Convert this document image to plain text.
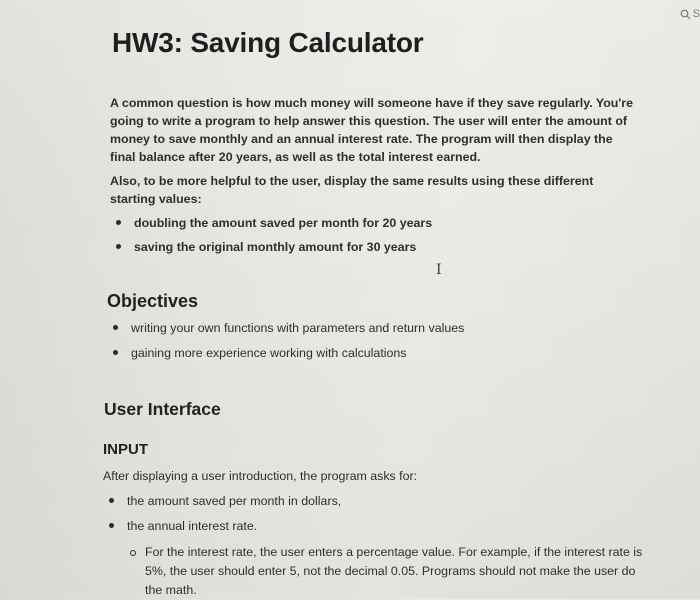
S
HW3: Saving Calculator

A common question is how much money will someone have if they save regularly. You're going to write a program to help answer this question. The user will enter the amount of money to save monthly and an annual interest rate. The program will then display the final balance after 20 years, as well as the total interest earned.

Also, to be more helpful to the user, display the same results using these different starting values:

doubling the amount saved per month for 20 years
saving the original monthly amount for 30 years
I
Objectives
writing your own functions with parameters and return values
gaining more experience working with calculations
User Interface
INPUT

After displaying a user introduction, the program asks for:

the amount saved per month in dollars,
the annual interest rate.
For the interest rate, the user enters a percentage value. For example, if the interest rate is 5%, the user should enter 5, not the decimal 0.05. Programs should not make the user do the math.
